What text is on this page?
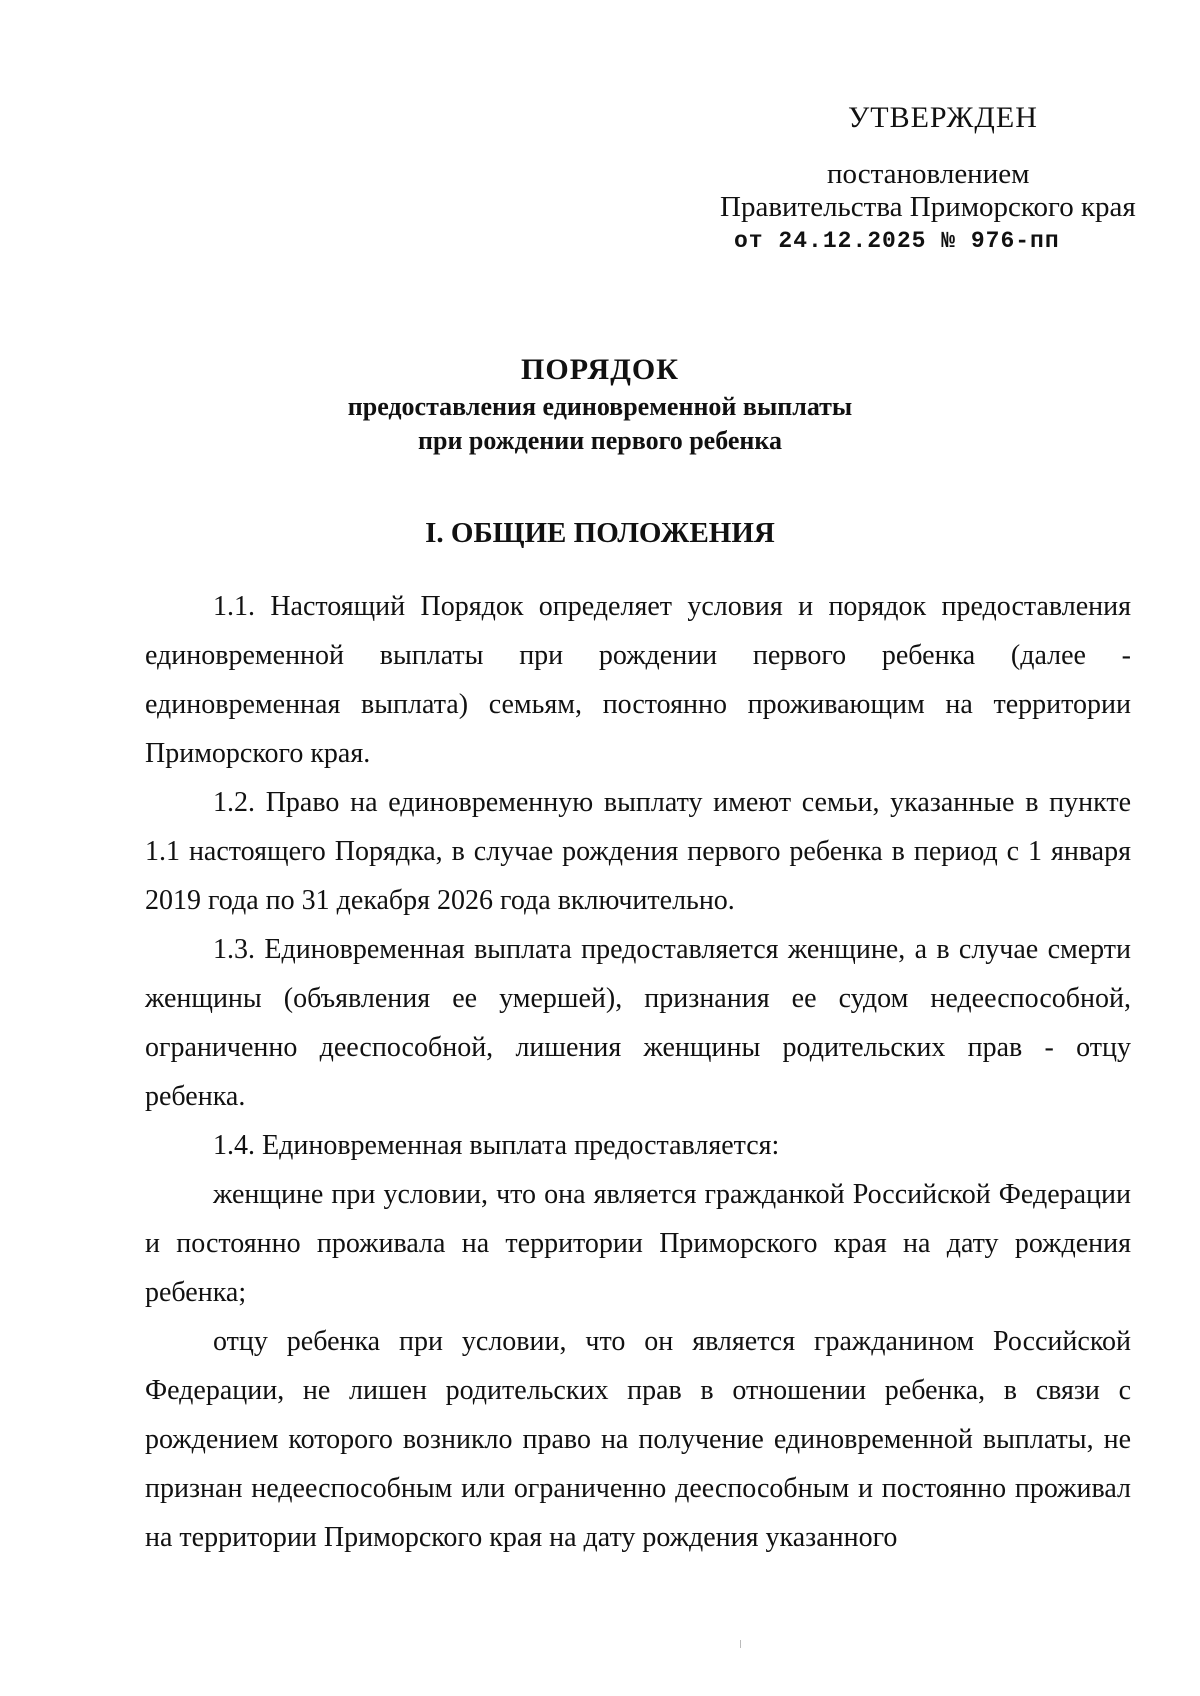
УТВЕРЖДЕН
постановлением
Правительства Приморского края
от 24.12.2025 № 976-пп
ПОРЯДОК
предоставления единовременной выплаты
при рождении первого ребенка
I. ОБЩИЕ ПОЛОЖЕНИЯ

1.1. Настоящий Порядок определяет условия и порядок предоставления единовременной выплаты при рождении первого ребенка (далее - единовременная выплата) семьям, постоянно проживающим на территории Приморского края.

1.2. Право на единовременную выплату имеют семьи, указанные в пункте 1.1 настоящего Порядка, в случае рождения первого ребенка в период с 1 января 2019 года по 31 декабря 2026 года включительно.

1.3. Единовременная выплата предоставляется женщине, а в случае смерти женщины (объявления ее умершей), признания ее судом недееспособной, ограниченно дееспособной, лишения женщины родительских прав - отцу ребенка.

1.4. Единовременная выплата предоставляется:

женщине при условии, что она является гражданкой Российской Федерации и постоянно проживала на территории Приморского края на дату рождения ребенка;

отцу ребенка при условии, что он является гражданином Российской Федерации, не лишен родительских прав в отношении ребенка, в связи с рождением которого возникло право на получение единовременной выплаты, не признан недееспособным или ограниченно дееспособным и постоянно проживал на территории Приморского края на дату рождения указанного
